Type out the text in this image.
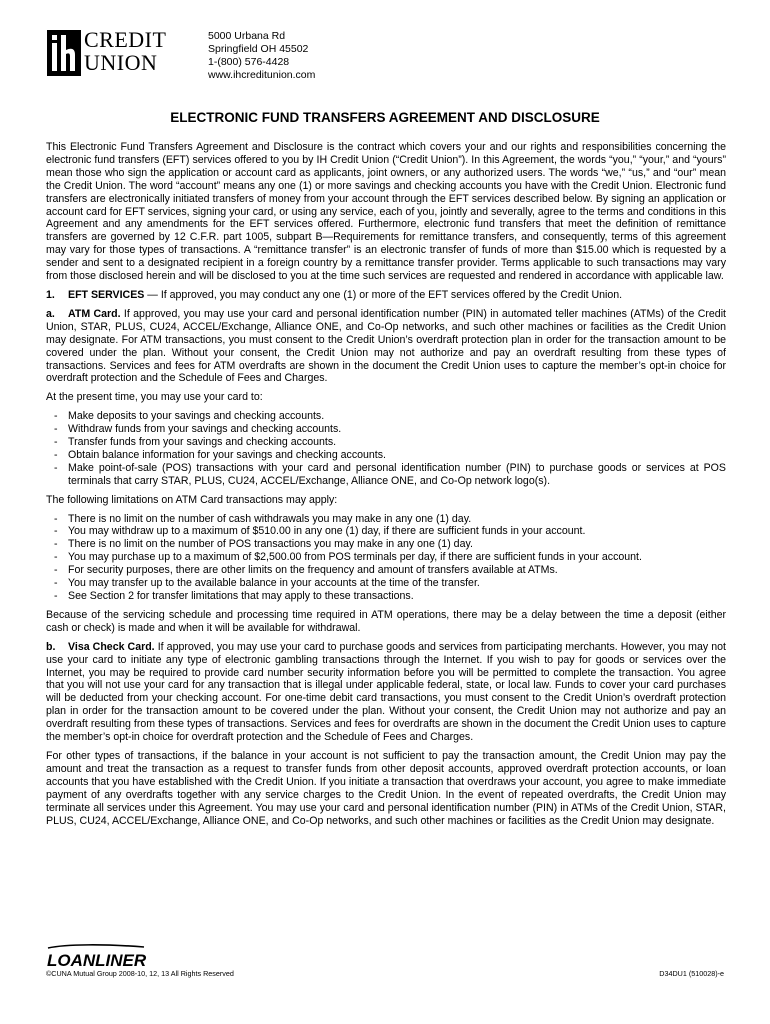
CREDIT
UNION
5000 Urbana Rd
Springfield OH 45502
1-(800) 576-4428
www.ihcreditunion.com
ELECTRONIC FUND TRANSFERS AGREEMENT AND DISCLOSURE

This Electronic Fund Transfers Agreement and Disclosure is the contract which covers your and our rights and responsibilities concerning the electronic fund transfers (EFT) services offered to you by IH Credit Union (“Credit Union”). In this Agreement, the words “you,” “your,” and “yours” mean those who sign the application or account card as applicants, joint owners, or any authorized users. The words “we,” “us,” and “our” mean the Credit Union. The word “account” means any one (1) or more savings and checking accounts you have with the Credit Union. Electronic fund transfers are electronically initiated transfers of money from your account through the EFT services described below. By signing an application or account card for EFT services, signing your card, or using any service, each of you, jointly and severally, agree to the terms and conditions in this Agreement and any amendments for the EFT services offered. Furthermore, electronic fund transfers that meet the definition of remittance transfers are governed by 12 C.F.R. part 1005, subpart B—Requirements for remittance transfers, and consequently, terms of this agreement may vary for those types of transactions. A “remittance transfer” is an electronic transfer of funds of more than $15.00 which is requested by a sender and sent to a designated recipient in a foreign country by a remittance transfer provider. Terms applicable to such transactions may vary from those disclosed herein and will be disclosed to you at the time such services are requested and rendered in accordance with applicable law.

1. EFT SERVICES — If approved, you may conduct any one (1) or more of the EFT services offered by the Credit Union.

a. ATM Card. If approved, you may use your card and personal identification number (PIN) in automated teller machines (ATMs) of the Credit Union, STAR, PLUS, CU24, ACCEL/Exchange, Alliance ONE, and Co-Op networks, and such other machines or facilities as the Credit Union may designate. For ATM transactions, you must consent to the Credit Union’s overdraft protection plan in order for the transaction amount to be covered under the plan. Without your consent, the Credit Union may not authorize and pay an overdraft resulting from these types of transactions. Services and fees for ATM overdrafts are shown in the document the Credit Union uses to capture the member’s opt-in choice for overdraft protection and the Schedule of Fees and Charges.

At the present time, you may use your card to:

- Make deposits to your savings and checking accounts.
- Withdraw funds from your savings and checking accounts.
- Transfer funds from your savings and checking accounts.
- Obtain balance information for your savings and checking accounts.
- Make point-of-sale (POS) transactions with your card and personal identification number (PIN) to purchase goods or services at POS terminals that carry STAR, PLUS, CU24, ACCEL/Exchange, Alliance ONE, and Co-Op network logo(s).

The following limitations on ATM Card transactions may apply:

- There is no limit on the number of cash withdrawals you may make in any one (1) day.
- You may withdraw up to a maximum of $510.00 in any one (1) day, if there are sufficient funds in your account.
- There is no limit on the number of POS transactions you may make in any one (1) day.
- You may purchase up to a maximum of $2,500.00 from POS terminals per day, if there are sufficient funds in your account.
- For security purposes, there are other limits on the frequency and amount of transfers available at ATMs.
- You may transfer up to the available balance in your accounts at the time of the transfer.
- See Section 2 for transfer limitations that may apply to these transactions.

Because of the servicing schedule and processing time required in ATM operations, there may be a delay between the time a deposit (either cash or check) is made and when it will be available for withdrawal.

b. Visa Check Card. If approved, you may use your card to purchase goods and services from participating merchants. However, you may not use your card to initiate any type of electronic gambling transactions through the Internet. If you wish to pay for goods or services over the Internet, you may be required to provide card number security information before you will be permitted to complete the transaction. You agree that you will not use your card for any transaction that is illegal under applicable federal, state, or local law. Funds to cover your card purchases will be deducted from your checking account. For one-time debit card transactions, you must consent to the Credit Union’s overdraft protection plan in order for the transaction amount to be covered under the plan. Without your consent, the Credit Union may not authorize and pay an overdraft resulting from these types of transactions. Services and fees for overdrafts are shown in the document the Credit Union uses to capture the member’s opt-in choice for overdraft protection and the Schedule of Fees and Charges.

For other types of transactions, if the balance in your account is not sufficient to pay the transaction amount, the Credit Union may pay the amount and treat the transaction as a request to transfer funds from other deposit accounts, approved overdraft protection accounts, or loan accounts that you have established with the Credit Union. If you initiate a transaction that overdraws your account, you agree to make immediate payment of any overdrafts together with any service charges to the Credit Union. In the event of repeated overdrafts, the Credit Union may terminate all services under this Agreement. You may use your card and personal identification number (PIN) in ATMs of the Credit Union, STAR, PLUS, CU24, ACCEL/Exchange, Alliance ONE, and Co-Op networks, and such other machines or facilities as the Credit Union may designate.

LOANLINER
©CUNA Mutual Group 2008-10, 12, 13 All Rights Reserved	D34DU1 (510028)-e
